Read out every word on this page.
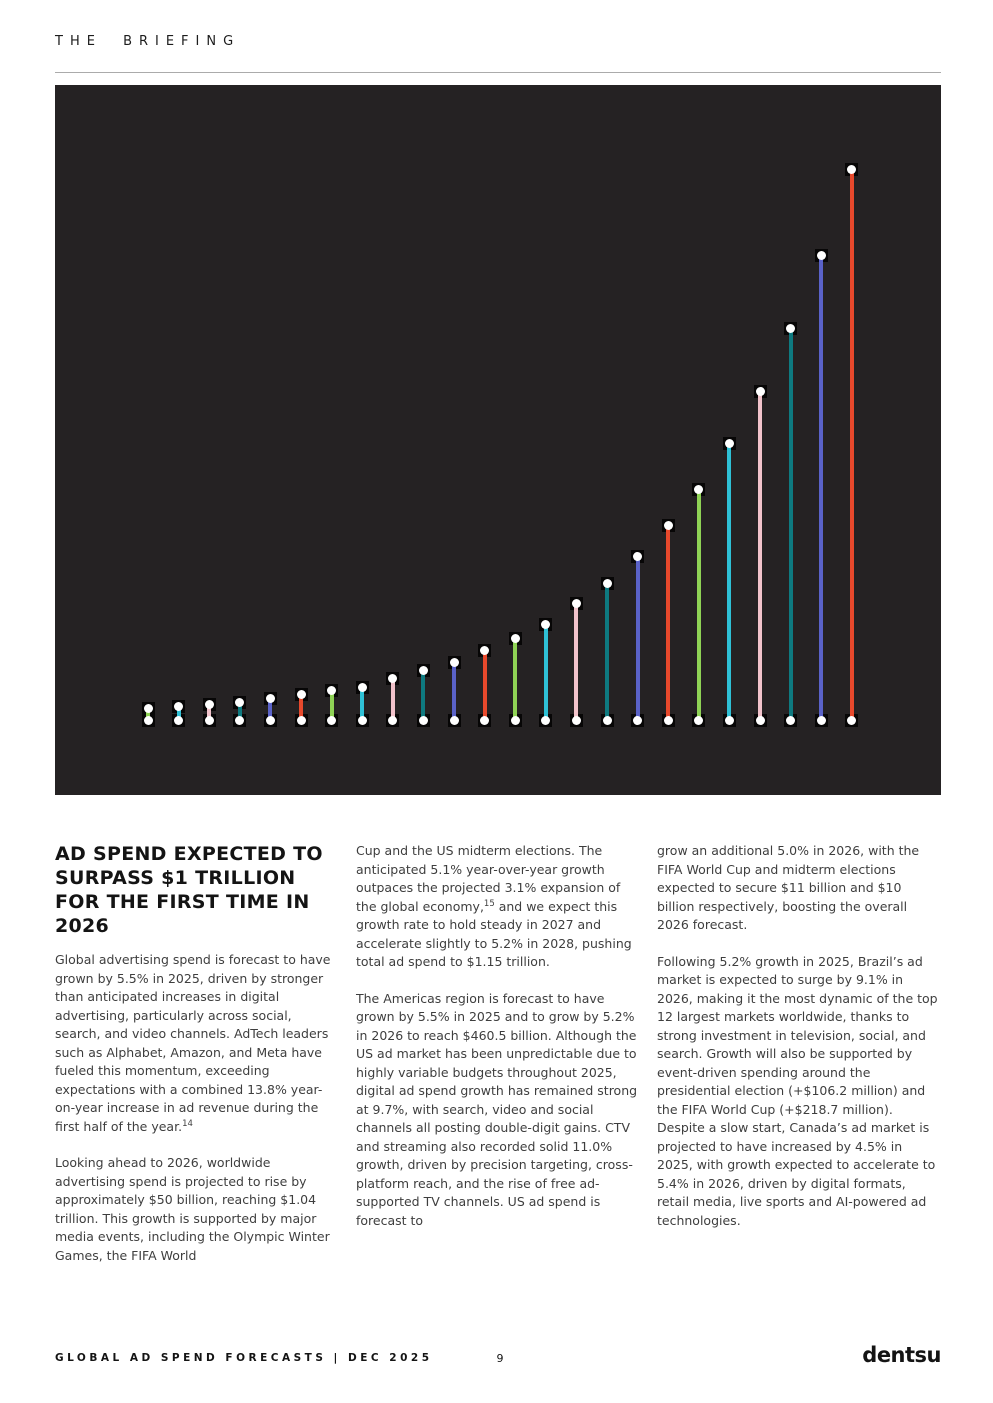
THE BRIEFING
AD SPEND EXPECTED TO SURPASS $1 TRILLION FOR THE FIRST TIME IN 2026

Global advertising spend is forecast to have grown by 5.5% in 2025, driven by stronger than anticipated increases in digital advertising, particularly across social, search, and video channels. AdTech leaders such as Alphabet, Amazon, and Meta have fueled this momentum, exceeding expectations with a combined 13.8% year-on-year increase in ad revenue during the first half of the year.$^{14}$

Looking ahead to 2026, worldwide advertising spend is projected to rise by approximately $50 billion, reaching $1.04 trillion. This growth is supported by major media events, including the Olympic Winter Games, the FIFA World

Cup and the US midterm elections. The anticipated 5.1% year-over-year growth outpaces the projected 3.1% expansion of the global economy,$^{15}$ and we expect this growth rate to hold steady in 2027 and accelerate slightly to 5.2% in 2028, pushing total ad spend to $1.15 trillion.

The Americas region is forecast to have grown by 5.5% in 2025 and to grow by 5.2% in 2026 to reach $460.5 billion. Although the US ad market has been unpredictable due to highly variable budgets throughout 2025, digital ad spend growth has remained strong at 9.7%, with search, video and social channels all posting double-digit gains. CTV and streaming also recorded solid 11.0% growth, driven by precision targeting, cross-platform reach, and the rise of free ad-supported TV channels. US ad spend is forecast to

grow an additional 5.0% in 2026, with the FIFA World Cup and midterm elections expected to secure $11 billion and $10 billion respectively, boosting the overall 2026 forecast.

Following 5.2% growth in 2025, Brazil’s ad market is expected to surge by 9.1% in 2026, making it the most dynamic of the top 12 largest markets worldwide, thanks to strong investment in television, social, and search. Growth will also be supported by event-driven spending around the presidential election (+$106.2 million) and the FIFA World Cup (+$218.7 million). Despite a slow start, Canada’s ad market is projected to have increased by 4.5% in 2025, with growth expected to accelerate to 5.4% in 2026, driven by digital formats, retail media, live sports and AI-powered ad technologies.

GLOBAL AD SPEND FORECASTS | DEC 2025	9	dentsu
